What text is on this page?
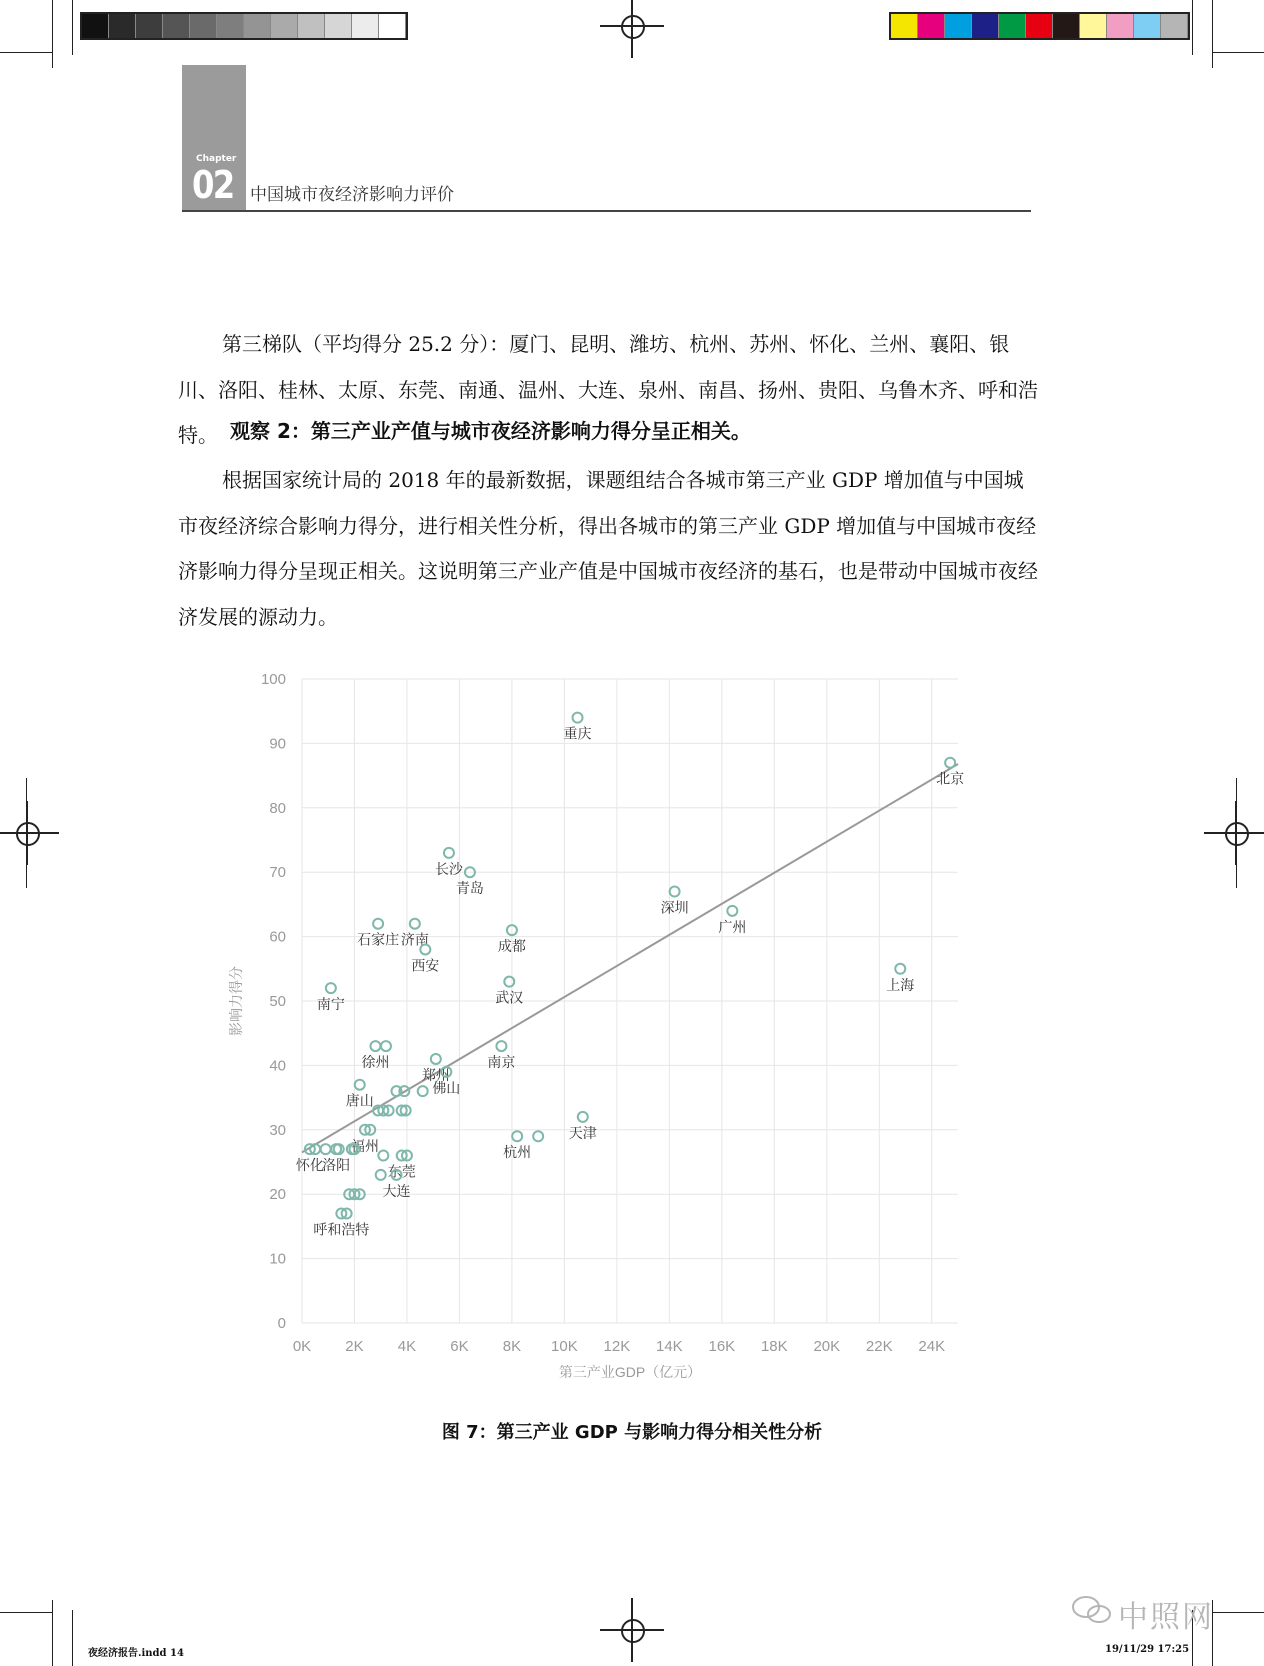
Chapter
02 中国城市夜经济影响力评价

第三梯队（平均得分 25.2 分）：厦门、昆明、潍坊、杭州、苏州、怀化、兰州、襄阳、银川、洛阳、桂林、太原、东莞、南通、温州、大连、泉州、南昌、扬州、贵阳、乌鲁木齐、呼和浩特。 观察 2：第三产业产值与城市夜经济影响力得分呈正相关。

根据国家统计局的 2018 年的最新数据，课题组结合各城市第三产业 GDP 增加值与中国城市夜经济综合影响力得分，进行相关性分析，得出各城市的第三产业 GDP 增加值与中国城市夜经济影响力得分呈现正相关。这说明第三产业产值是中国城市夜经济的基石，也是带动中国城市夜经济发展的源动力。

0
10
20
30
40
50
60
70
80
90
100
0K 2K 4K 6K 8K 10K 12K 14K 16K 18K 20K 22K 24K
第三产业GDP（亿元）
影响力得分
重庆
北京
长沙
青岛
深圳
广州
石家庄 济南	成都
西安
上海
武汉
南宁
徐州	南京
郑州
佛山
唐山
天津
福州	杭州
怀化
洛阳	东莞
大连
呼和浩特
图 7：第三产业 GDP 与影响力得分相关性分析
夜经济报告.indd 14	19/11/29 17:25
中照网
